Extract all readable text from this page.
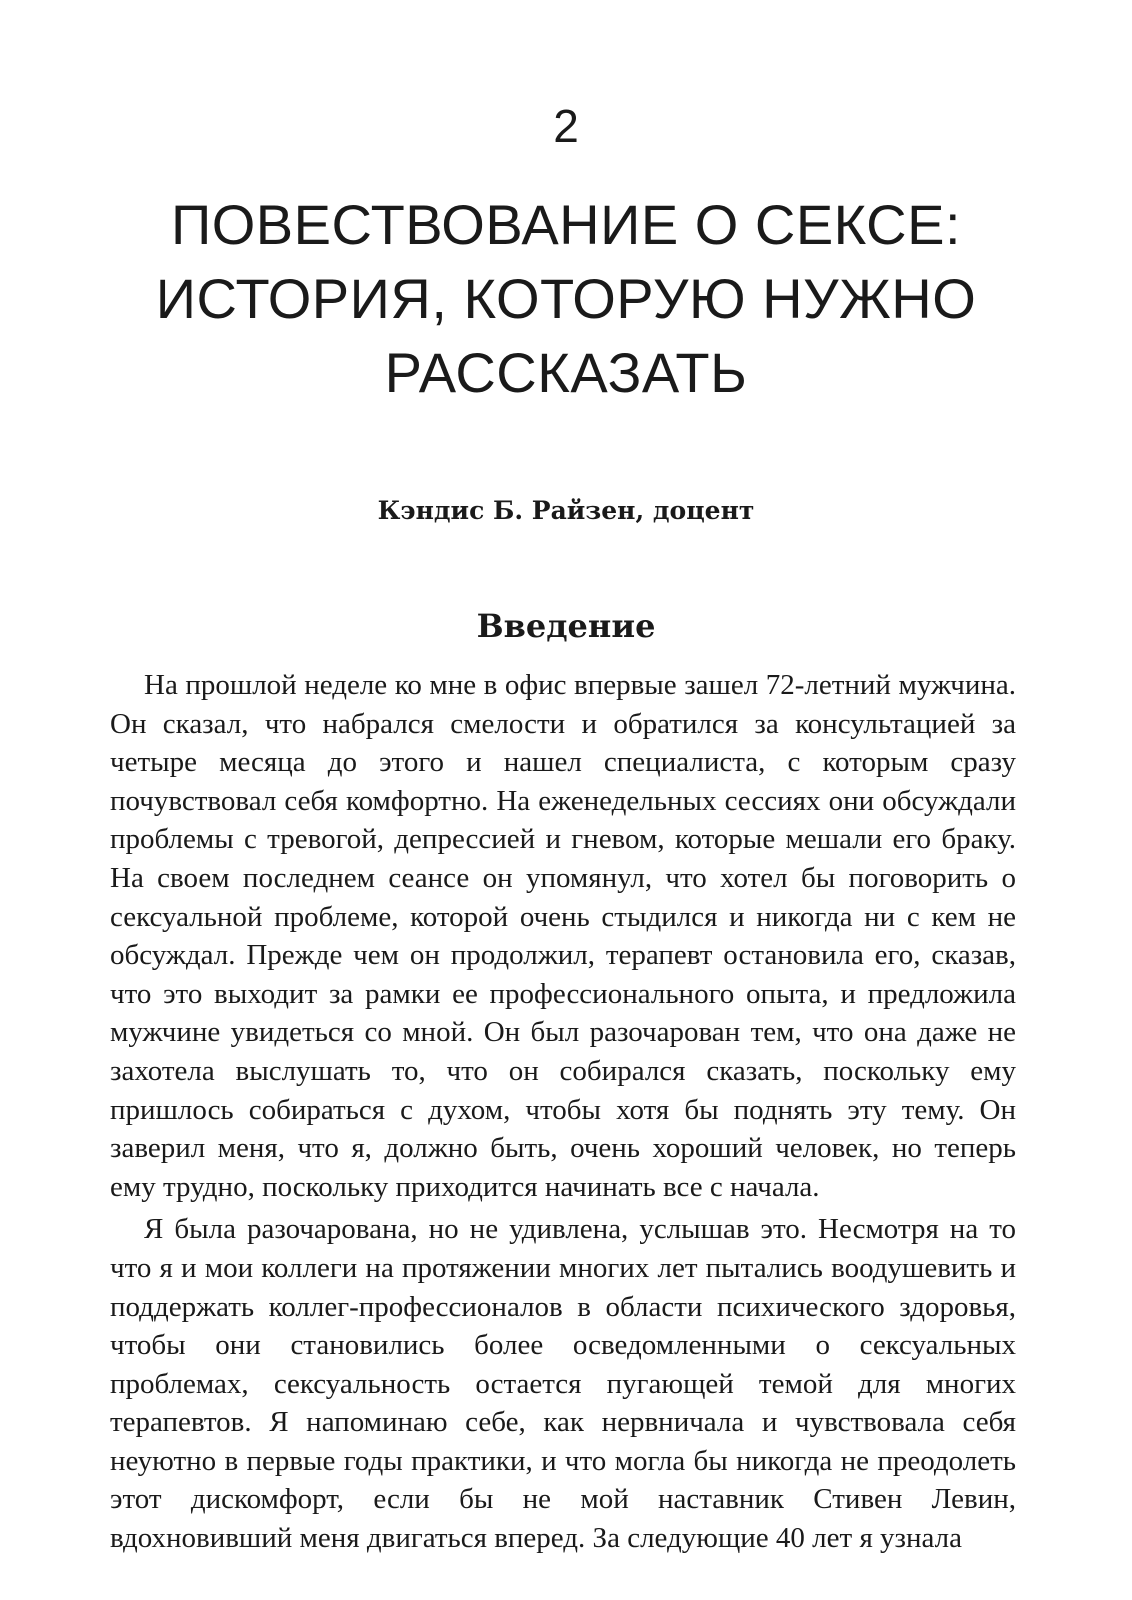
2
ПОВЕСТВОВАНИЕ О СЕКСЕ:
ИСТОРИЯ, КОТОРУЮ НУЖНО
РАССКАЗАТЬ
Кэндис Б. Райзен, доцент
Введение

На прошлой неделе ко мне в офис впервые зашел 72-летний мужчина. Он сказал, что набрался смелости и обратился за консультацией за четыре месяца до этого и нашел специалиста, с которым сразу почувствовал себя комфортно. На еженедельных сессиях они обсуждали проблемы с тревогой, депрессией и гневом, которые мешали его браку. На своем последнем сеансе он упомянул, что хотел бы поговорить о сексуальной проблеме, которой очень стыдился и никогда ни с кем не обсуждал. Прежде чем он продолжил, терапевт остановила его, сказав, что это выходит за рамки ее профессионального опыта, и предложила мужчине увидеться со мной. Он был разочарован тем, что она даже не захотела выслушать то, что он собирался сказать, поскольку ему пришлось собираться с духом, чтобы хотя бы поднять эту тему. Он заверил меня, что я, должно быть, очень хороший человек, но теперь ему трудно, поскольку приходится начинать все с начала.

Я была разочарована, но не удивлена, услышав это. Несмотря на то что я и мои коллеги на протяжении многих лет пытались воодушевить и поддержать коллег-профессионалов в области психического здоровья, чтобы они становились более осведомленными о сексуальных проблемах, сексуальность остается пугающей темой для многих терапевтов. Я напоминаю себе, как нервничала и чувствовала себя неуютно в первые годы практики, и что могла бы никогда не преодолеть этот дискомфорт, если бы не мой наставник Стивен Левин, вдохновивший меня двигаться вперед. За следующие 40 лет я узнала
